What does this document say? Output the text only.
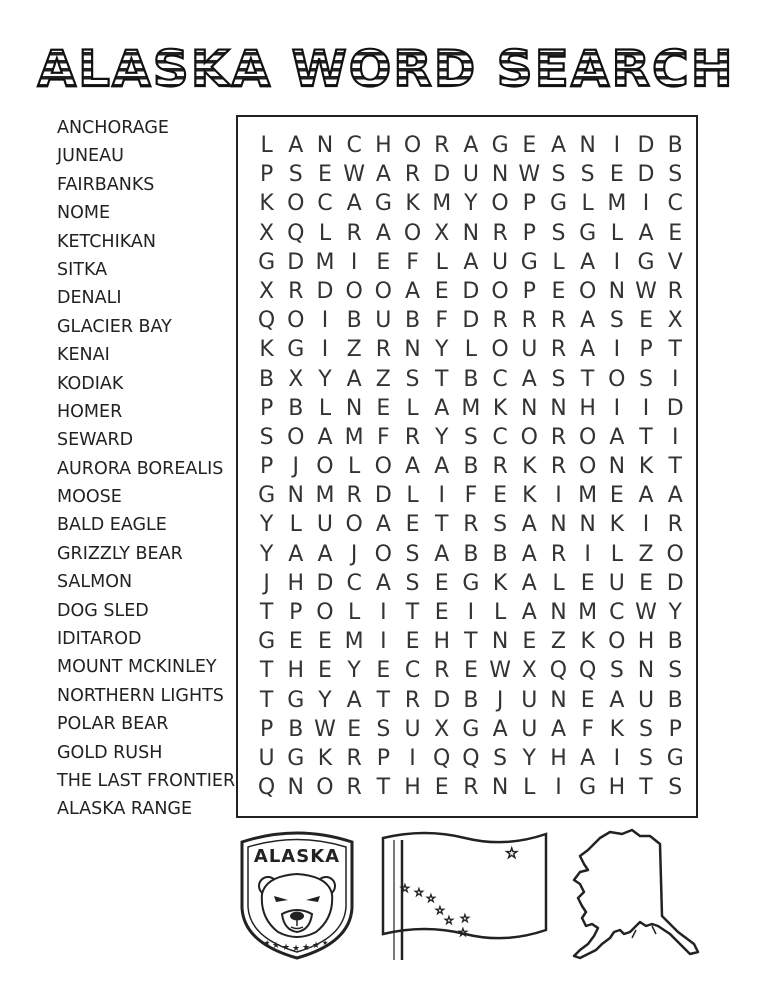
ALASKA WORD SEARCH
ANCHORAGE
JUNEAU
FAIRBANKS
NOME
KETCHIKAN
SITKA
DENALI
GLACIER BAY
KENAI
KODIAK
HOMER
SEWARD
AURORA BOREALIS
MOOSE
BALD EAGLE
GRIZZLY BEAR
SALMON
DOG SLED
IDITAROD
MOUNT MCKINLEY
NORTHERN LIGHTS
POLAR BEAR
GOLD RUSH
THE LAST FRONTIER
ALASKA RANGE
L A N C H O R A G E A N I D B
P S E W A R D U N W S S E D S
K O C A G K M Y O P G L M I C
X Q L R A O X N R P S G L A E
G D M I E F L A U G L A I G V
X R D O O A E D O P E O N W R
Q O I B U B F D R R R A S E X
K G I Z R N Y L O U R A I P T
B X Y A Z S T B C A S T O S I
P B L N E L A M K N N H I	I D
S O A M F R Y S C O R O A T I
P J O L O A A B R K R O N K T
G N M R D L I F E K I M E A A
Y L U O A E T R S A N N K I R
Y A A J O S A B B A R I L Z O
J H D C A S E G K A L E U E D
T P O L I T E I L A N M C W Y
G E E M I E H T N E Z K O H B
T H E Y E C R E W X Q Q S N S
T G Y A T R D B J U N E A U B
P B W E S U X G A U A F K S P
U G K R P I Q Q S Y H A I S G
Q N O R T H E R N L I G H T S
ALASKA
★ ★ ★ ★ ★
★	★
☆
☆ ☆ ☆
☆
☆ ☆
☆
